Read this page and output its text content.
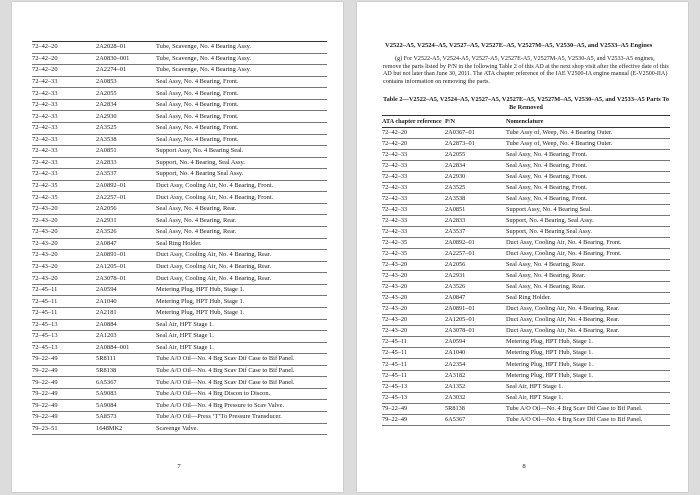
72–42–20	2A2028–01	Tube, Scavenge, No. 4 Bearing Assy.
72–42–20	2A0830–001	Tube, Scavenge, No. 4 Bearing Assy.
72–42–20	2A2274–01	Tube, Scavenge, No. 4 Bearing Assy.
72–42–33	2A0853	Seal Assy, No. 4 Bearing, Front.
72–42–33	2A2055	Seal Assy, No. 4 Bearing, Front.
72–42–33	2A2834	Seal Assy, No. 4 Bearing, Front.
72–42–33	2A2930	Seal Assy, No. 4 Bearing, Front.
72–42–33	2A3525	Seal Assy, No. 4 Bearing, Front.
72–42–33	2A3538	Seal Assy, No. 4 Bearing, Front.
72–42–33	2A0851	Support Assy, No. 4 Bearing Seal.
72–42–33	2A2833	Support, No. 4 Bearing, Seal Assy.
72–42–33	2A3537	Support, No. 4 Bearing Seal Assy.
72–42–35	2A0892–01	Duct Assy, Cooling Air, No. 4 Bearing, Front.
72–42–35	2A2257–01	Duct Assy, Cooling Air, No. 4 Bearing, Front.
72–43–20	2A2056	Seal Assy, No. 4 Bearing, Rear.
72–43–20	2A2931	Seal Assy, No. 4 Bearing, Rear.
72–43–20	2A3526	Seal Assy, No. 4 Bearing, Rear.
72–43–20	2A0847	Seal Ring Holder.
72–43–20	2A0891–01	Duct Assy, Cooling Air, No. 4 Bearing, Rear.
72–43–20	2A1205–01	Duct Assy, Cooling Air, No. 4 Bearing, Rear.
72–43–20	2A3078–01	Duct Assy, Cooling Air, No. 4 Bearing, Rear.
72–45–11	2A0594	Metering Plug, HPT Hub, Stage 1.
72–45–11	2A1040	Metering Plug, HPT Hub, Stage 1.
72–45–11	2A2181	Metering Plug, HPT Hub, Stage 1.
72–45–13	2A0884	Seal Air, HPT Stage 1.
72–45–13	2A1203	Seal Air, HPT Stage 1.
72–45–13	2A0884–001	Seal Air, HPT Stage 1.
79–22–49	5R8111	Tube A/O Oil—No. 4 Brg Scav Dif Case to Bif Panel.
79–22–49	5R8138	Tube A/O Oil—No. 4 Brg Scav Dif Case to Bif Panel.
79–22–49	6A5367	Tube A/O Oil—No. 4 Brg Scav Dif Case to Bif Panel.
79–22–49	5A9083	Tube A/O Oil—No. 4 Brg Discon to Discon.
79–22–49	5A9084	Tube A/O Oil—No. 4 Brg Pressure to Scav Valve.
79–22–49	5A8573	Tube A/O Oil—Press ‘T’To Pressure Transducer.
79–23–51	1648MK2	Scavenge Valve.
7
V2522–A5, V2524–A5, V2527–A5, V2527E–A5, V2527M–A5, V2530–A5, and V2533–A5 Engines
(g) For V2522-A5, V2524-A5, V2527-A5, V2527E-A5, V2527M-A5, V2530-A5, and V2533-A5 engines, remove the parts listed by P/N in the following Table 2 of this AD at the next shop visit after the effective date of this AD but not later than June 30, 2011. The ATA chapter reference of the IAE V2500-IA engine manual (E-V2500-IIA) contains information on removing the parts.
Table 2—V2522–A5, V2524–A5, V2527–A5, V2527E–A5, V2527M–A5, V2530–A5, and V2533–A5 Parts To Be Removed
ATA chapter reference	P/N	Nomenclature
72–42–20	2A0367–01	Tube Assy of, Weep, No. 4 Bearing Outer.
72–42–20	2A2873–01	Tube Assy of, Weep, No. 4 Bearing Outer.
72–42–33	2A2055	Seal Assy, No. 4 Bearing, Front.
72–42–33	2A2834	Seal Assy, No. 4 Bearing, Front.
72–42–33	2A2930	Seal Assy, No. 4 Bearing, Front.
72–42–33	2A3525	Seal Assy, No. 4 Bearing, Front.
72–42–33	2A3538	Seal Assy, No. 4 Bearing, Front.
72–42–33	2A0851	Support Assy, No. 4 Bearing Seal.
72–42–33	2A2833	Support, No. 4 Bearing, Seal Assy.
72–42–33	2A3537	Support, No. 4 Bearing Seal Assy.
72–42–35	2A0892–01	Duct Assy, Cooling Air, No. 4 Bearing, Front.
72–42–35	2A2257–01	Duct Assy, Cooling Air, No. 4 Bearing, Front.
72–43–20	2A2056	Seal Assy, No. 4 Bearing, Rear.
72–43–20	2A2931	Seal Assy, No. 4 Bearing, Rear.
72–43–20	2A3526	Seal Assy, No. 4 Bearing, Rear.
72–43–20	2A0847	Seal Ring Holder.
72–43–20	2A0891–01	Duct Assy, Cooling Air, No. 4 Bearing, Rear.
72–43–20	2A1205–01	Duct Assy, Cooling Air, No. 4 Bearing, Rear.
72–43–20	2A3078–01	Duct Assy, Cooling Air, No. 4 Bearing, Rear.
72–45–11	2A0594	Metering Plug, HPT Hub, Stage 1.
72–45–11	2A1040	Metering Plug, HPT Hub, Stage 1.
72–45–11	2A2354	Metering Plug, HPT Hub, Stage 1.
72–45–11	2A3182	Metering Plug, HPT Hub, Stage 1.
72–45–13	2A1352	Seal Air, HPT Stage 1.
72–45–13	2A3032	Seal Air, HPT Stage 1.
79–22–49	5R8138	Tube A/O Oil—No. 4 Brg Scav Dif Case to Bif Panel.
79–22–49	6A5367	Tube A/O Oil—No. 4 Brg Scav Dif Case to Bif Panel.
8
